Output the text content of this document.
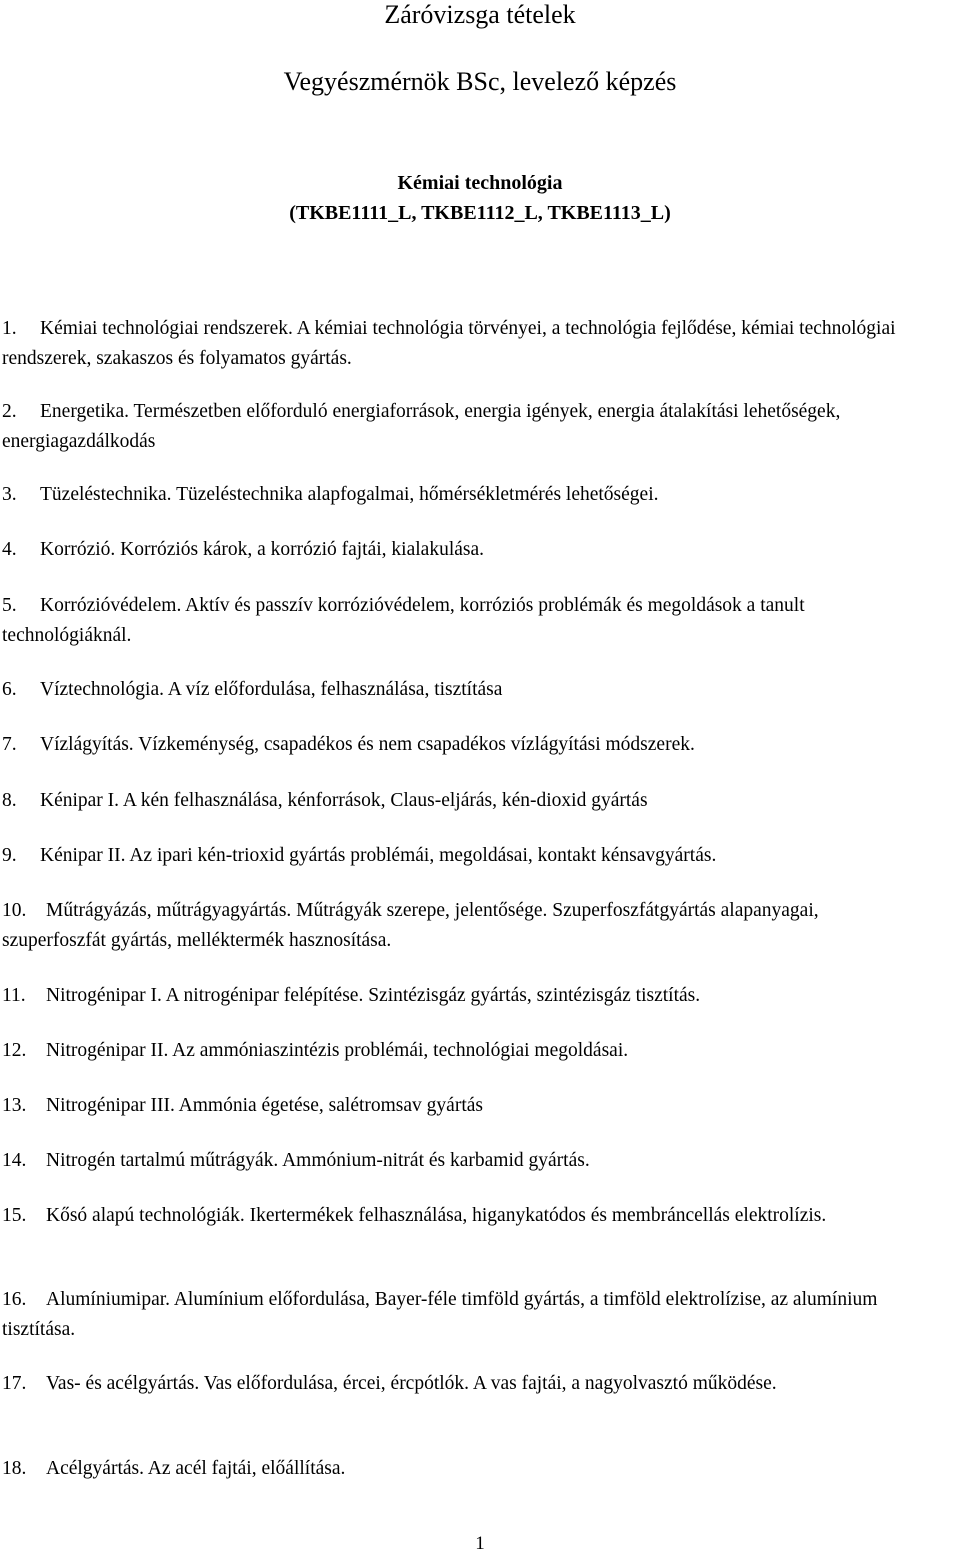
Záróvizsga tételek
Vegyészmérnök BSc, levelező képzés
Kémiai technológia
(TKBE1111_L, TKBE1112_L, TKBE1113_L)
1. Kémiai technológiai rendszerek. A kémiai technológia törvényei, a technológia fejlődése, kémiai technológiai rendszerek, szakaszos és folyamatos gyártás.
2. Energetika. Természetben előforduló energiaforrások, energia igények, energia átalakítási lehetőségek, energiagazdálkodás
3. Tüzeléstechnika. Tüzeléstechnika alapfogalmai, hőmérsékletmérés lehetőségei.
4. Korrózió. Korróziós károk, a korrózió fajtái, kialakulása.
5. Korrózióvédelem. Aktív és passzív korrózióvédelem, korróziós problémák és megoldások a tanult technológiáknál.
6. Víztechnológia. A víz előfordulása, felhasználása, tisztítása
7. Vízlágyítás. Vízkeménység, csapadékos és nem csapadékos vízlágyítási módszerek.
8. Kénipar I. A kén felhasználása, kénforrások, Claus-eljárás, kén-dioxid gyártás
9. Kénipar II. Az ipari kén-trioxid gyártás problémái, megoldásai, kontakt kénsavgyártás.
10. Műtrágyázás, műtrágyagyártás. Műtrágyák szerepe, jelentősége. Szuperfoszfátgyártás alapanyagai, szuperfoszfát gyártás, melléktermék hasznosítása.
11. Nitrogénipar I. A nitrogénipar felépítése. Szintézisgáz gyártás, szintézisgáz tisztítás.
12. Nitrogénipar II. Az ammóniaszintézis problémái, technológiai megoldásai.
13. Nitrogénipar III. Ammónia égetése, salétromsav gyártás
14. Nitrogén tartalmú műtrágyák. Ammónium-nitrát és karbamid gyártás.
15. Kősó alapú technológiák. Ikertermékek felhasználása, higanykatódos és membráncellás elektrolízis.
16. Alumíniumipar. Alumínium előfordulása, Bayer-féle timföld gyártás, a timföld elektrolízise, az alumínium tisztítása.
17. Vas- és acélgyártás. Vas előfordulása, ércei, ércpótlók. A vas fajtái, a nagyolvasztó működése.
18. Acélgyártás. Az acél fajtái, előállítása.
1
